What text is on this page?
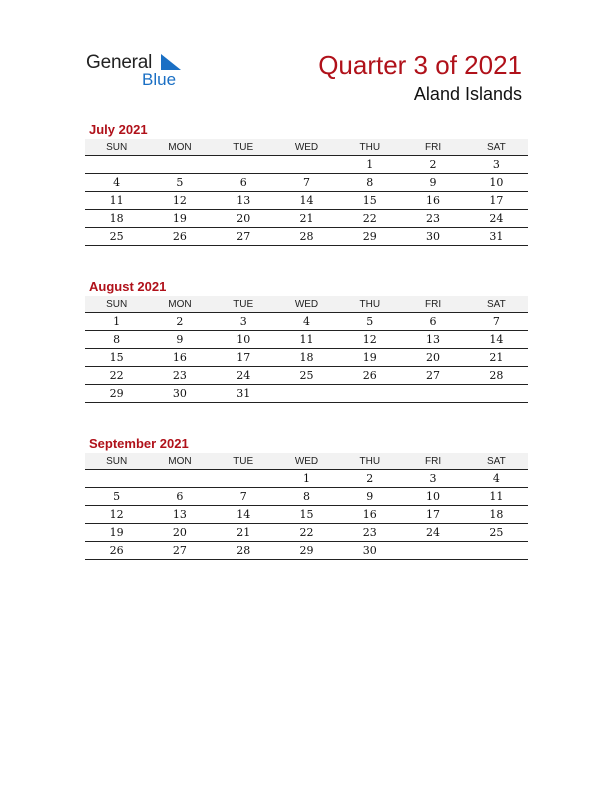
General
Blue	Quarter 3 of 2021
Aland Islands
July 2021
SUN	MON	TUE	WED	THU	FRI	SAT
				1	2	3
4	5	6	7	8	9	10
11	12	13	14	15	16	17
18	19	20	21	22	23	24
25	26	27	28	29	30	31
August 2021
SUN	MON	TUE	WED	THU	FRI	SAT
1	2	3	4	5	6	7
8	9	10	11	12	13	14
15	16	17	18	19	20	21
22	23	24	25	26	27	28
29	30	31				
September 2021
SUN	MON	TUE	WED	THU	FRI	SAT
			1	2	3	4
5	6	7	8	9	10	11
12	13	14	15	16	17	18
19	20	21	22	23	24	25
26	27	28	29	30		
